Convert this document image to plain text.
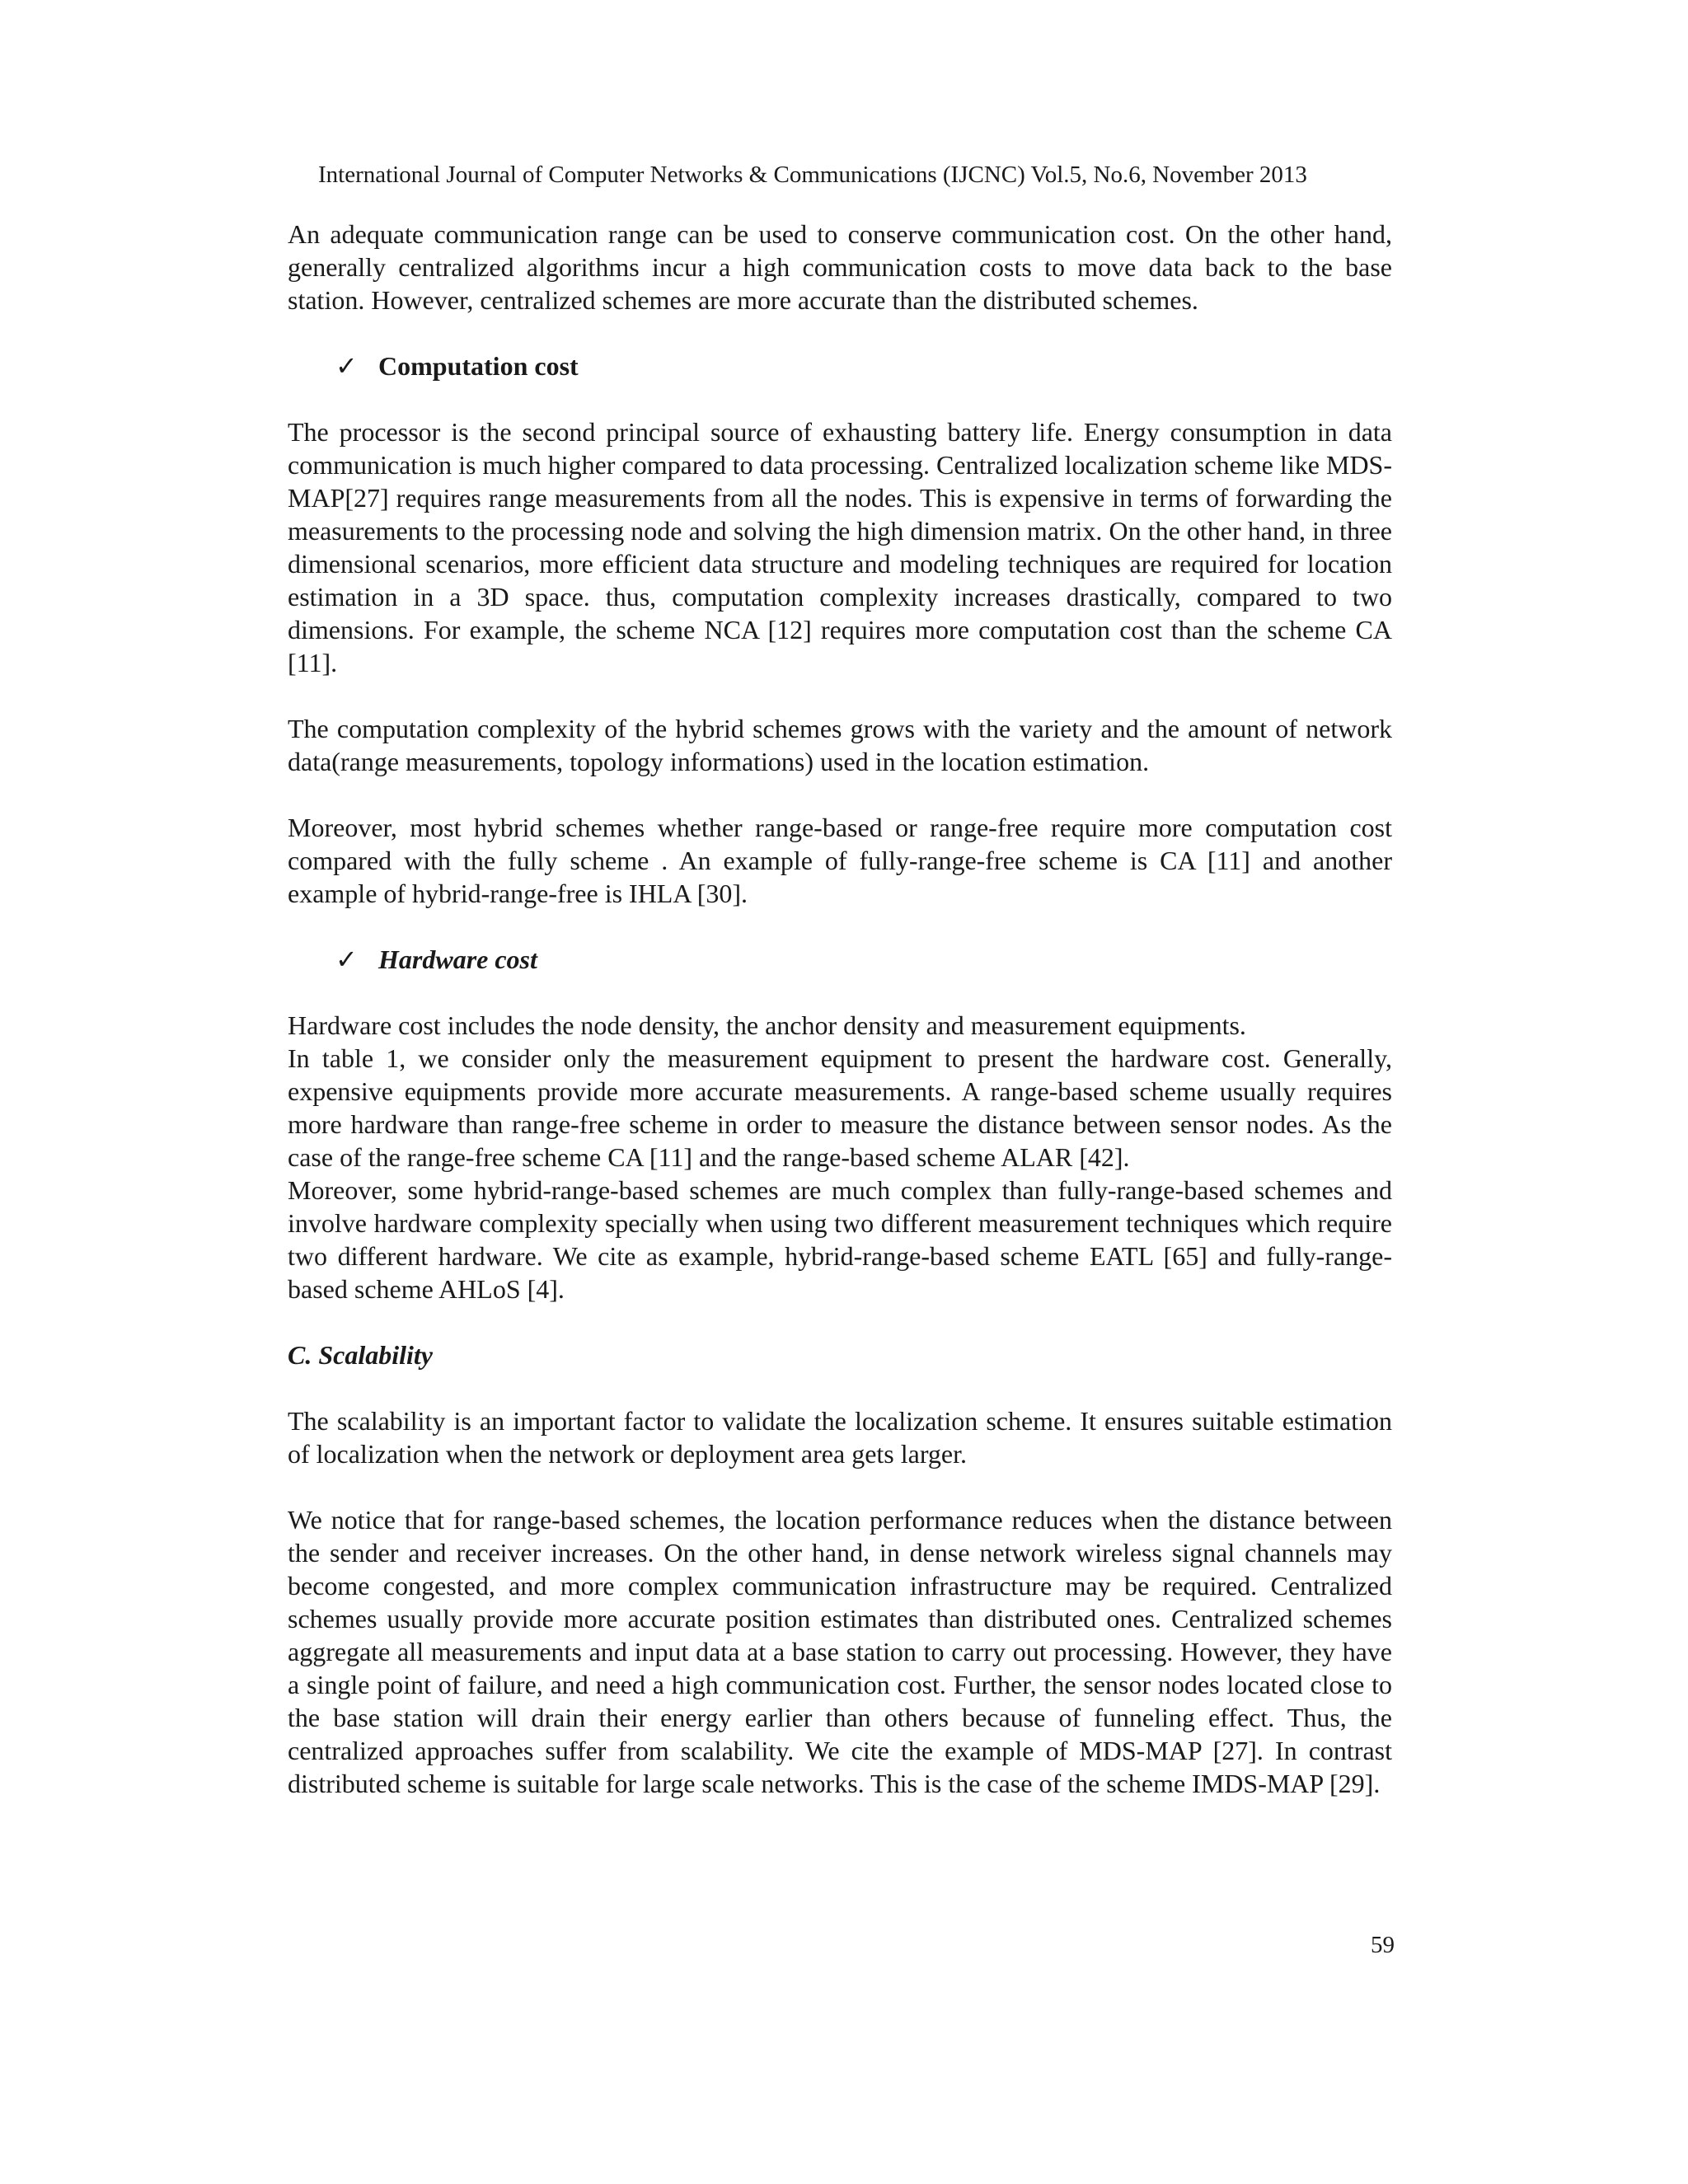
International Journal of Computer Networks & Communications (IJCNC) Vol.5, No.6, November 2013

An adequate communication range can be used to conserve communication cost. On the other hand, generally centralized algorithms incur a high communication costs to move data back to the base station. However, centralized schemes are more accurate than the distributed schemes.

✓ Computation cost

The processor is the second principal source of exhausting battery life. Energy consumption in data communication is much higher compared to data processing. Centralized localization scheme like MDS-MAP[27] requires range measurements from all the nodes. This is expensive in terms of forwarding the measurements to the processing node and solving the high dimension matrix. On the other hand, in three dimensional scenarios, more efficient data structure and modeling techniques are required for location estimation in a 3D space. thus, computation complexity increases drastically, compared to two dimensions. For example, the scheme NCA [12] requires more computation cost than the scheme CA [11].

The computation complexity of the hybrid schemes grows with the variety and the amount of network data(range measurements, topology informations) used in the location estimation.

Moreover, most hybrid schemes whether range-based or range-free require more computation cost compared with the fully scheme . An example of fully-range-free scheme is CA [11] and another example of hybrid-range-free is IHLA [30].

✓ Hardware cost

Hardware cost includes the node density, the anchor density and measurement equipments.

In table 1, we consider only the measurement equipment to present the hardware cost. Generally, expensive equipments provide more accurate measurements. A range-based scheme usually requires more hardware than range-free scheme in order to measure the distance between sensor nodes. As the case of the range-free scheme CA [11] and the range-based scheme ALAR [42].

Moreover, some hybrid-range-based schemes are much complex than fully-range-based schemes and involve hardware complexity specially when using two different measurement techniques which require two different hardware. We cite as example, hybrid-range-based scheme EATL [65] and fully-range-based scheme AHLoS [4].

C. Scalability

The scalability is an important factor to validate the localization scheme. It ensures suitable estimation of localization when the network or deployment area gets larger.

We notice that for range-based schemes, the location performance reduces when the distance between the sender and receiver increases. On the other hand, in dense network wireless signal channels may become congested, and more complex communication infrastructure may be required. Centralized schemes usually provide more accurate position estimates than distributed ones. Centralized schemes aggregate all measurements and input data at a base station to carry out processing. However, they have a single point of failure, and need a high communication cost. Further, the sensor nodes located close to the base station will drain their energy earlier than others because of funneling effect. Thus, the centralized approaches suffer from scalability. We cite the example of MDS-MAP [27]. In contrast distributed scheme is suitable for large scale networks. This is the case of the scheme IMDS-MAP [29].

59
